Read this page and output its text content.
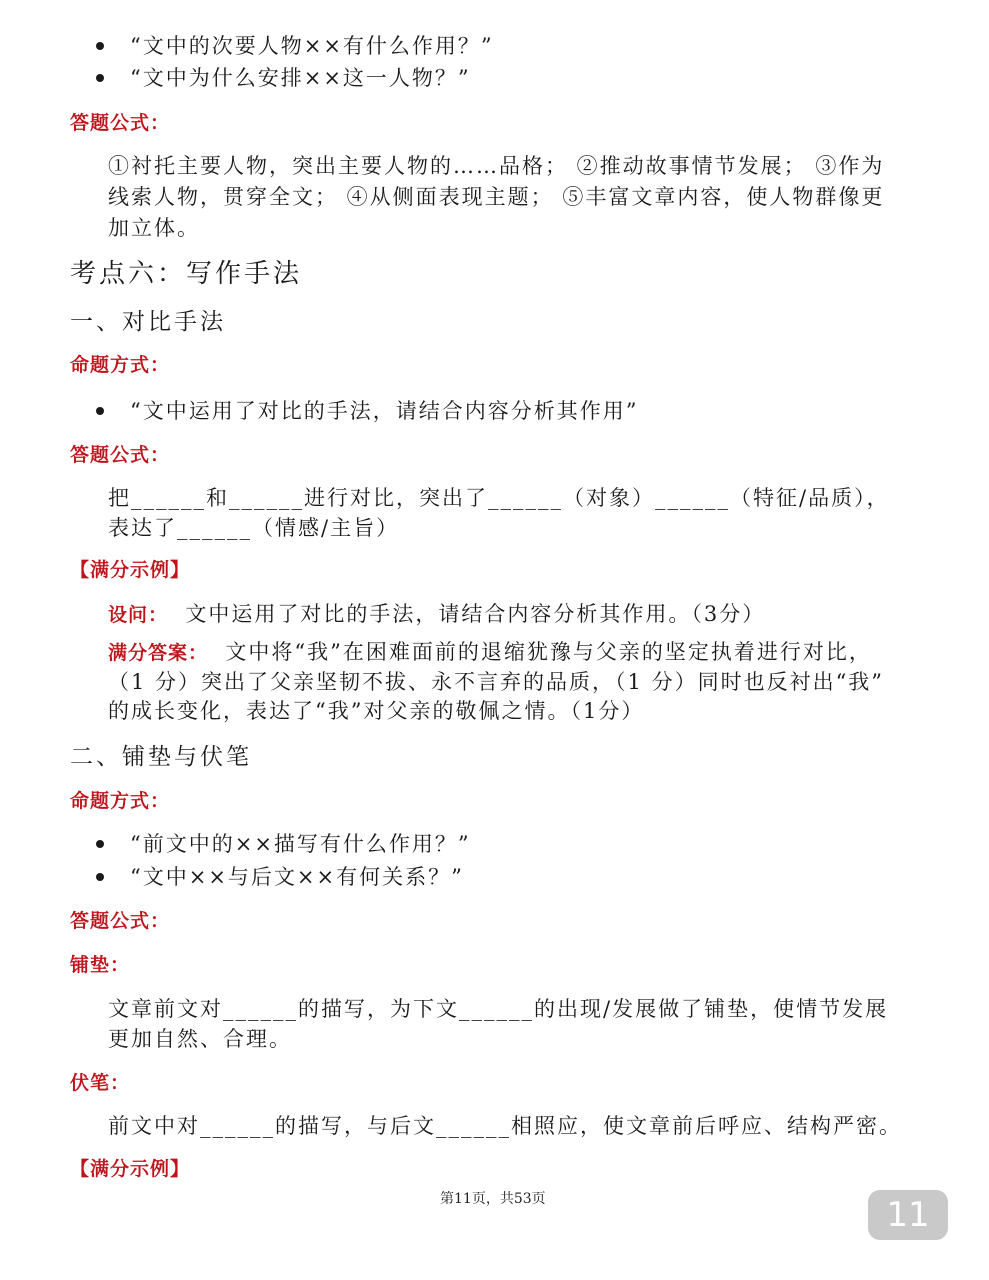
“文中的次要人物××有什么作用？”
“文中为什么安排××这一人物？”
答题公式：
①衬托主要人物，突出主要人物的……品格； ②推动故事情节发展； ③作为
线索人物，贯穿全文； ④从侧面表现主题； ⑤丰富文章内容，使人物群像更
加立体。
考点六：写作手法
一、对比手法
命题方式：
“文中运用了对比的手法，请结合内容分析其作用”
答题公式：
把______和______进行对比，突出了______（对象）______（特征/品质），
表达了______（情感/主旨）
【满分示例】
设问： 文中运用了对比的手法，请结合内容分析其作用。（3分）
满分答案： 文中将“我”在困难面前的退缩犹豫与父亲的坚定执着进行对比，
（1 分）突出了父亲坚韧不拔、永不言弃的品质，（1 分）同时也反衬出“我”
的成长变化，表达了“我”对父亲的敬佩之情。（1分）
二、铺垫与伏笔
命题方式：
“前文中的××描写有什么作用？”
“文中××与后文××有何关系？”
答题公式：
铺垫：
文章前文对______的描写，为下文______的出现/发展做了铺垫，使情节发展
更加自然、合理。
伏笔：
前文中对______的描写，与后文______相照应，使文章前后呼应、结构严密。
【满分示例】
第11页，共53页	11
